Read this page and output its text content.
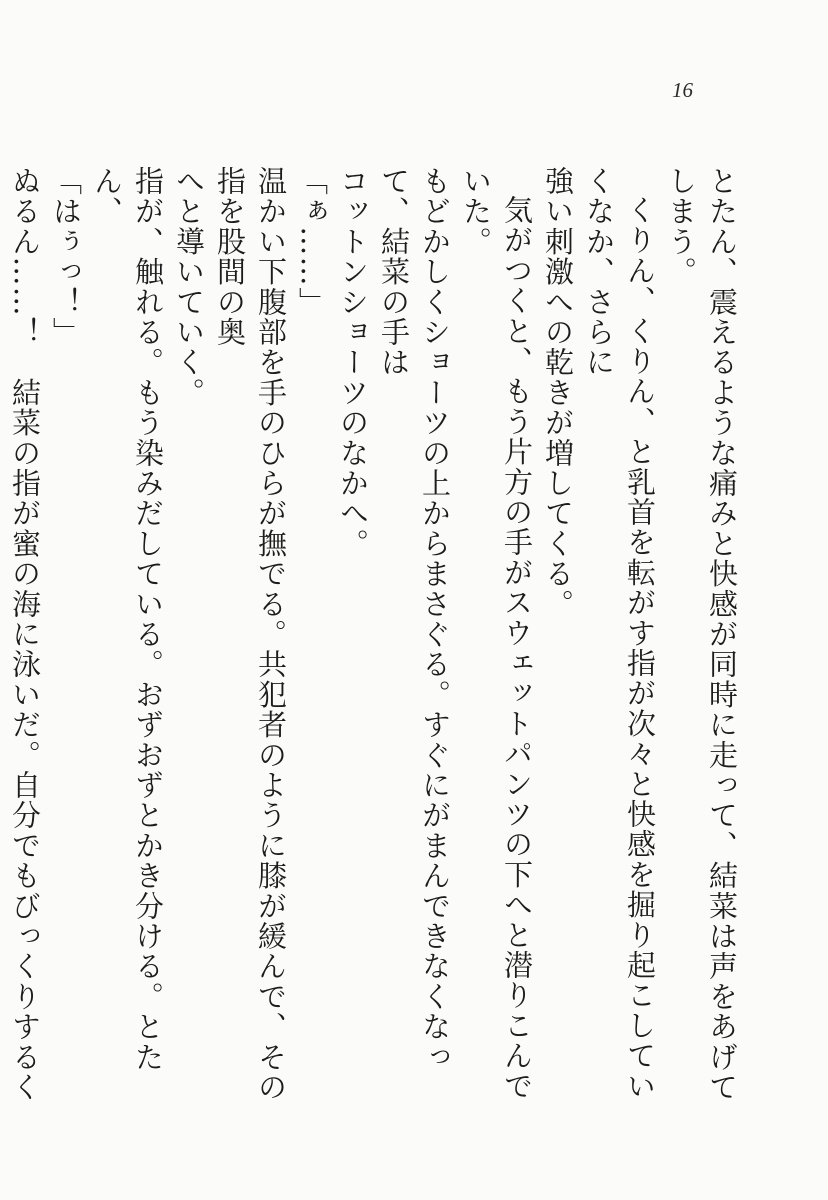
16

とたん、震えるような痛みと快感が同時に走って、結菜は声をあげてしまう。

くりん、くりん、と乳首を転がす指が次々と快感を掘り起こしていくなか、さらに

強い刺激への乾きが増してくる。

気がつくと、もう片方の手がスウェットパンツの下へと潜りこんでいた。

もどかしくショーツの上からまさぐる。すぐにがまんできなくなって、結菜の手は

コットンショーツのなかへ。

「ぁ……」

温かい下腹部を手のひらが撫でる。共犯者のように膝が緩んで、その指を股間の奥

へと導いていく。

指が、触れる。もう染みだしている。おずおずとかき分ける。とたん、

「はぅっ！」

ぬるん……！　結菜の指が蜜の海に泳いだ。自分でもびっくりするく
